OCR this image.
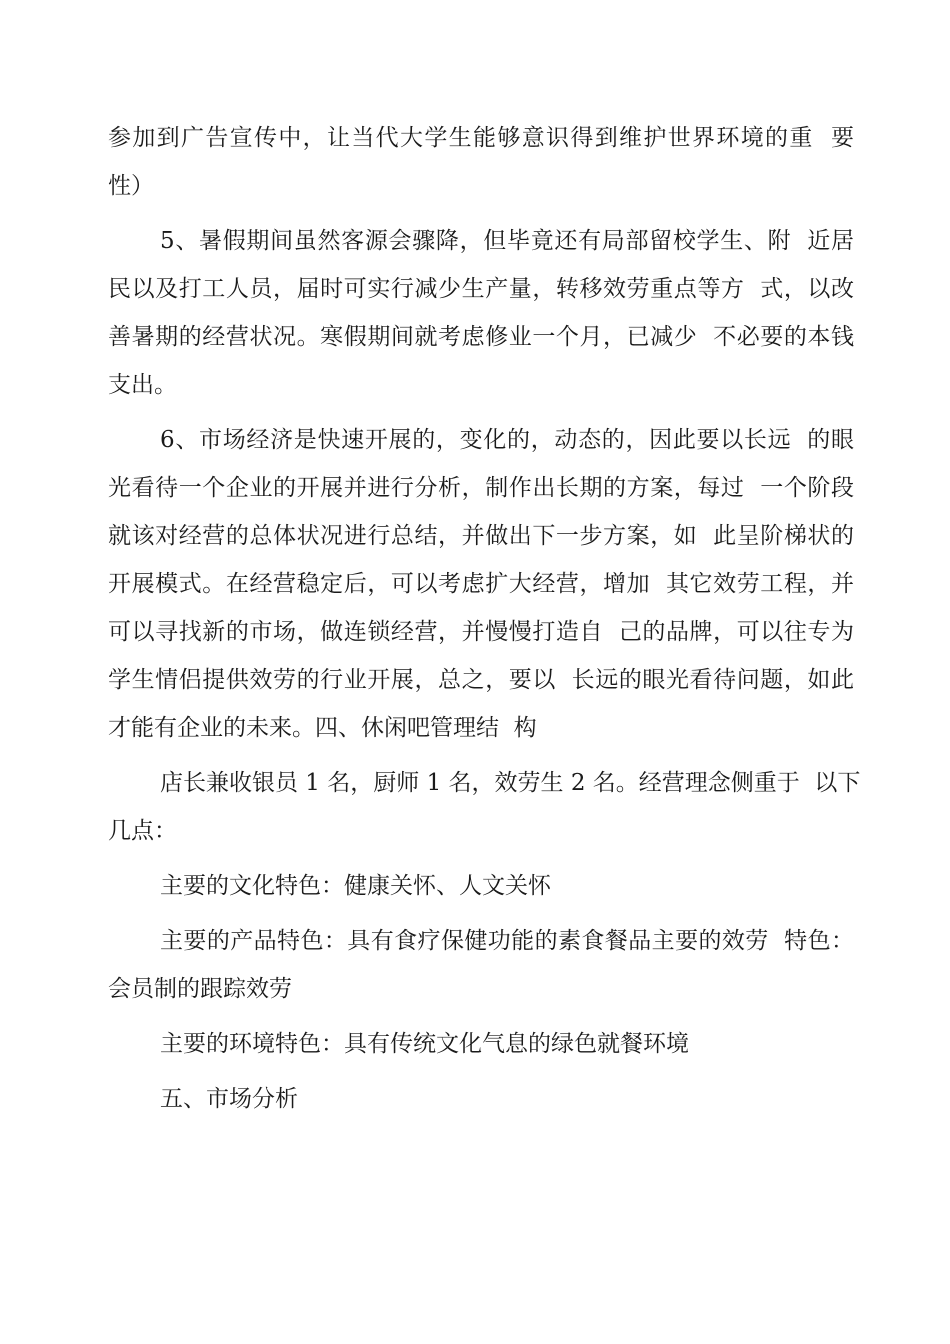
参加到广告宣传中，让当代大学生能够意识得到维护世界环境的重  要
性）
5、暑假期间虽然客源会骤降，但毕竟还有局部留校学生、附  近居
民以及打工人员，届时可实行减少生产量，转移效劳重点等方  式，以改
善暑期的经营状况。寒假期间就考虑修业一个月，已减少  不必要的本钱
支出。
6、市场经济是快速开展的，变化的，动态的，因此要以长远  的眼
光看待一个企业的开展并进行分析，制作出长期的方案，每过  一个阶段
就该对经营的总体状况进行总结，并做出下一步方案，如  此呈阶梯状的
开展模式。在经营稳定后，可以考虑扩大经营，增加  其它效劳工程，并
可以寻找新的市场，做连锁经营，并慢慢打造自  己的品牌，可以往专为
学生情侣提供效劳的行业开展，总之，要以  长远的眼光看待问题，如此
才能有企业的未来。四、休闲吧管理结  构
店长兼收银员 1 名，厨师 1 名，效劳生 2 名。经营理念侧重于  以下
几点：
主要的文化特色：健康关怀、人文关怀
主要的产品特色：具有食疗保健功能的素食餐品主要的效劳  特色：
会员制的跟踪效劳
主要的环境特色：具有传统文化气息的绿色就餐环境
五、市场分析
